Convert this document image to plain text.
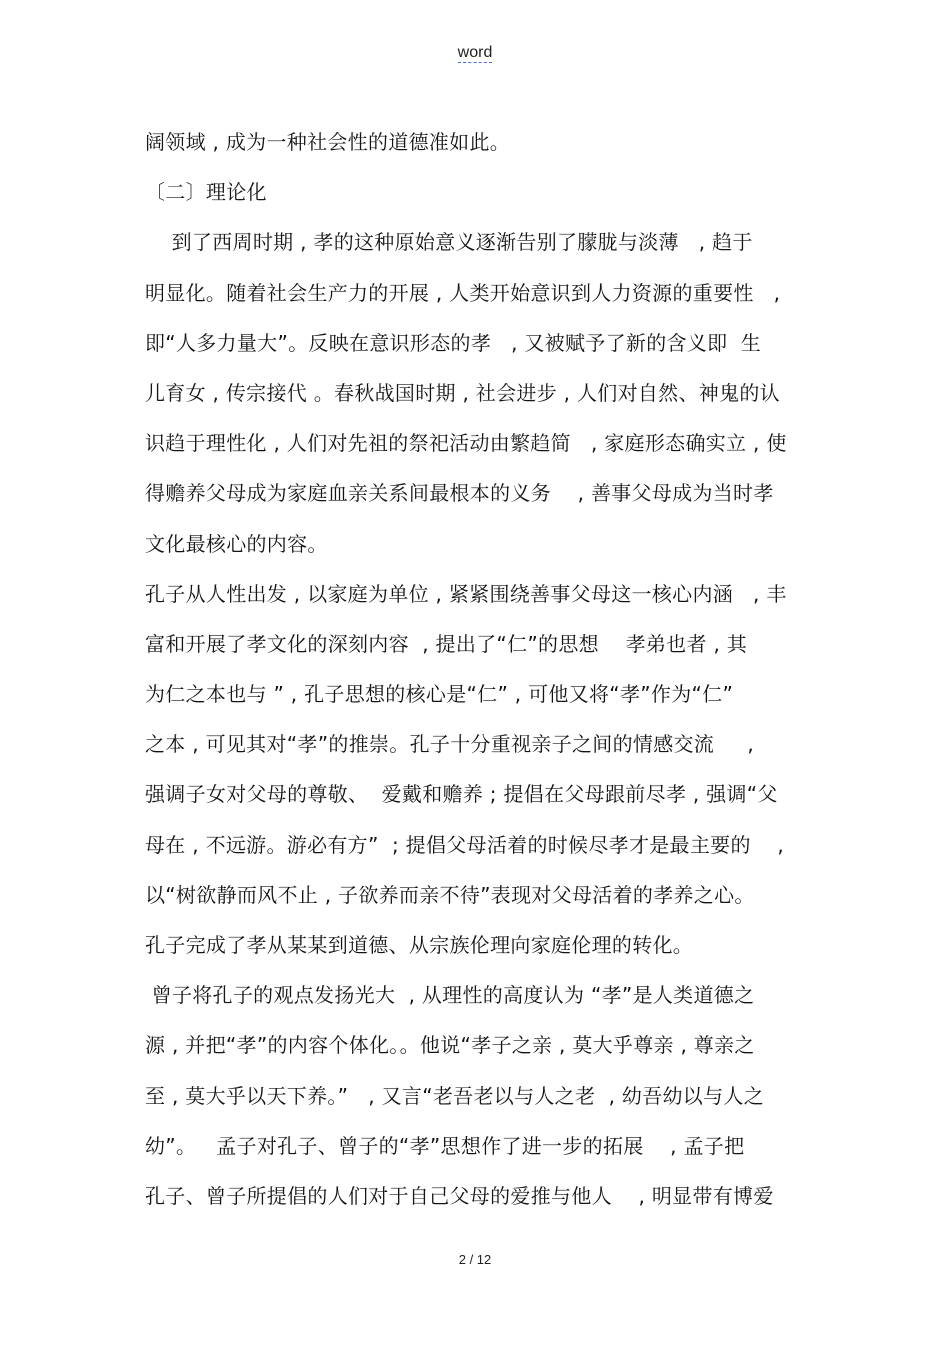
word
阔领域 , 成为一种社会性的道德准如此。
〔二〕理论化
到了西周时期 , 孝的这种原始意义逐渐告别了朦胧与淡薄   , 趋于
明显化。随着社会生产力的开展 , 人类开始意识到人力资源的重要性   ,
即“人多力量大”。反映在意识形态的孝   , 又被赋予了新的含义即  生
儿育女 , 传宗接代 。春秋战国时期 , 社会进步 , 人们对自然、神鬼的认
识趋于理性化 , 人们对先祖的祭祀活动由繁趋简   , 家庭形态确实立 , 使
得赡养父母成为家庭血亲关系间最根本的义务    , 善事父母成为当时孝
文化最核心的内容。
孔子从人性出发 , 以家庭为单位 , 紧紧围绕善事父母这一核心内涵   , 丰
富和开展了孝文化的深刻内容  , 提出了“仁”的思想    孝弟也者 , 其
为仁之本也与 ” , 孔子思想的核心是“仁” , 可他又将“孝”作为“仁”
之本 , 可见其对“孝”的推崇。孔子十分重视亲子之间的情感交流     ,
强调子女对父母的尊敬、  爱戴和赡养 ; 提倡在父母跟前尽孝 , 强调“父
母在 , 不远游。游必有方”  ; 提倡父母活着的时候尽孝才是最主要的    ,
以“树欲静而风不止 , 子欲养而亲不待”表现对父母活着的孝养之心。
孔子完成了孝从某某到道德、从宗族伦理向家庭伦理的转化。
曾子将孔子的观点发扬光大  , 从理性的高度认为 “孝”是人类道德之
源 , 并把“孝”的内容个体化。。他说“孝子之亲 , 莫大乎尊亲 , 尊亲之
至 , 莫大乎以天下养。”   , 又言“老吾老以与人之老  , 幼吾幼以与人之
幼”。   孟子对孔子、曾子的“孝”思想作了进一步的拓展    , 孟子把
孔子、曾子所提倡的人们对于自己父母的爱推与他人    , 明显带有博爱
2 / 12
